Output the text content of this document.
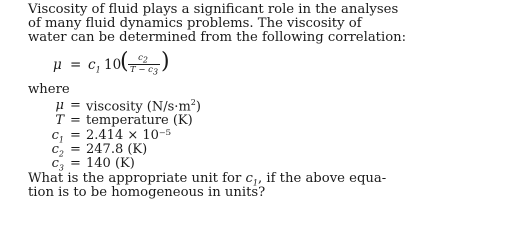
Viscosity of fluid plays a significant role in the analyses
of many fluid dynamics problems. The viscosity of
water can be determined from the following correlation:
$\mu = c_1$ 10
(	$c_2$
$T - c_3$ )
where
μ = viscosity $(N/s\cdot m^2)$
T = temperature (K)
$c_1 = 2.414 \times 10^{-5}$
$c_2 = 247.8$ (K)
$c_3 = 140$ (K)
What is the appropriate unit for $c_1$, if the above equa-
tion is to be homogeneous in units?
